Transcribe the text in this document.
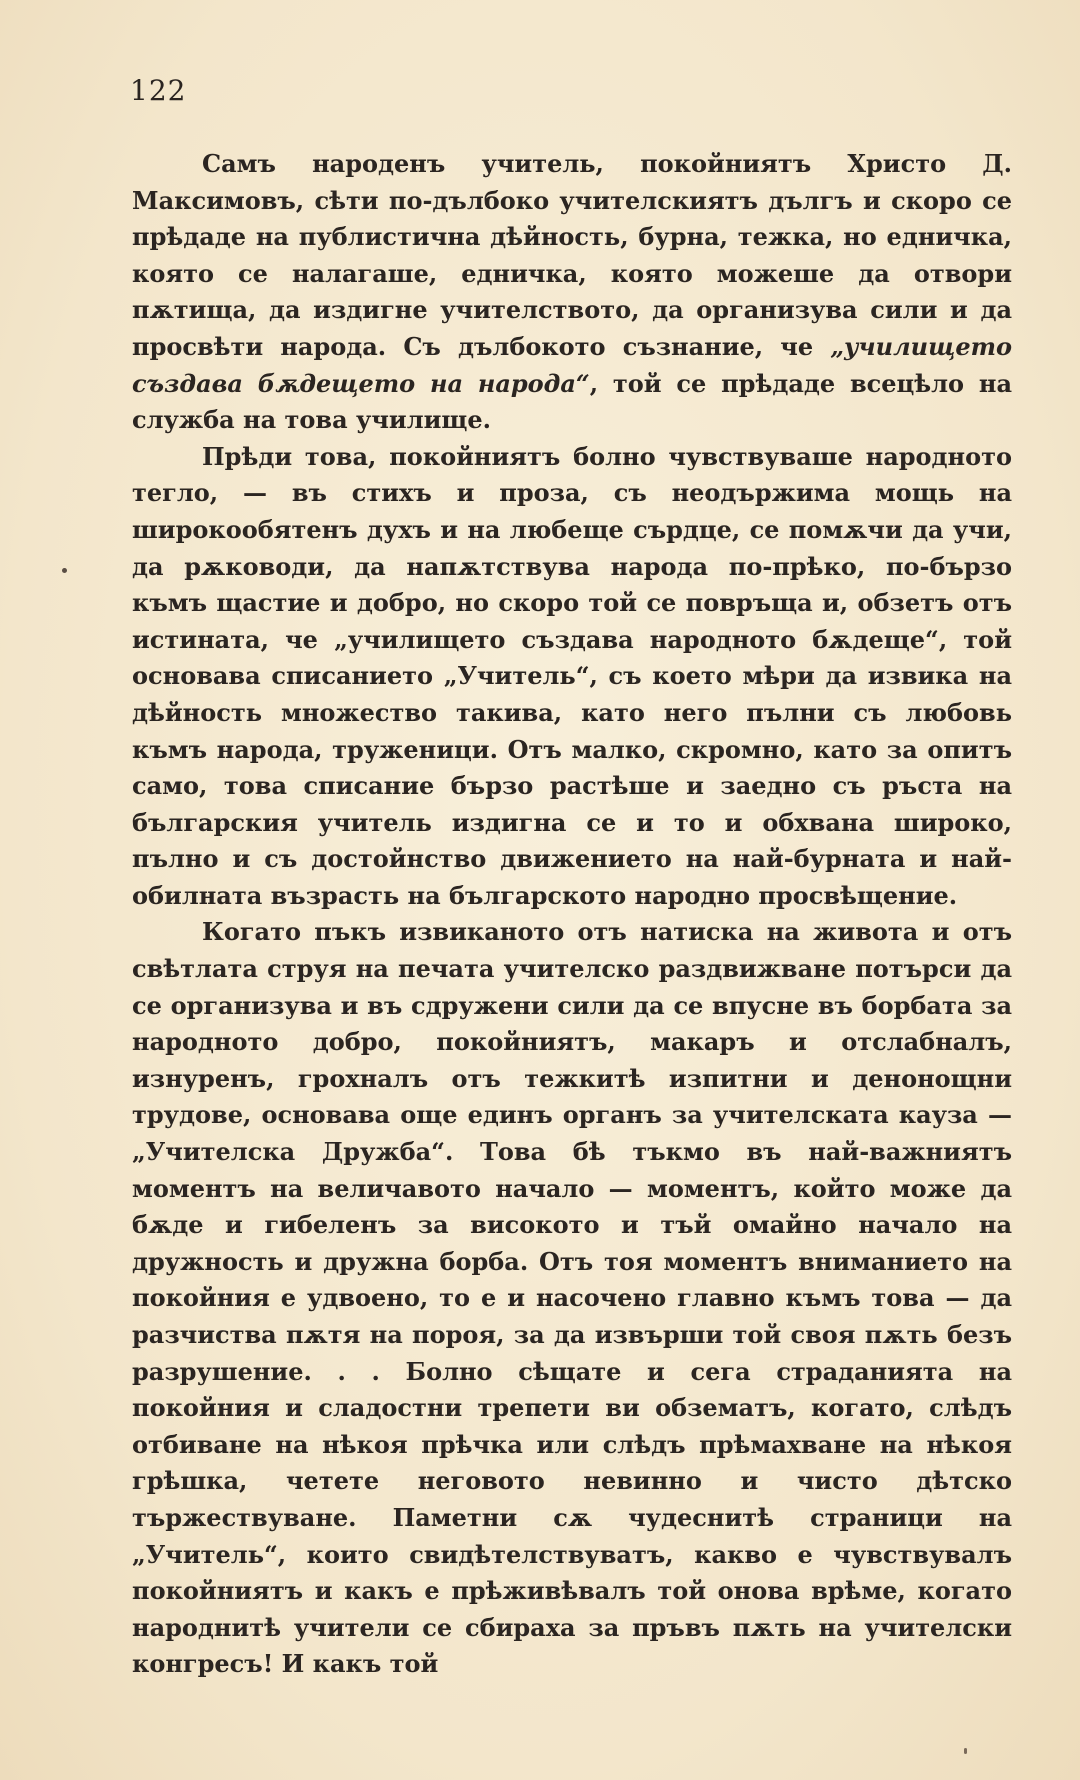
122

Самъ народенъ учитель, покойниятъ Христо Д. Максимовъ, сѣти по-дълбоко учителскиятъ дългъ и скоро се прѣдаде на публистична дѣйность, бурна, тежка, но едничка, която се налагаше, едничка, която можеше да отвори пѫтища, да издигне учителството, да организува сили и да просвѣти народа. Съ дълбокото съзнание, че „училището създава бѫдещето на народа“, той се прѣдаде всецѣло на служба на това училище.

Прѣди това, покойниятъ болно чувствуваше народното тегло, — въ стихъ и проза, съ неодържима мощь на широкообятенъ духъ и на любеще сърдце, се помѫчи да учи, да рѫководи, да напѫтствува народа по-прѣко, по-бързо къмъ щастие и добро, но скоро той се повръща и, обзетъ отъ истината, че „училището създава народното бѫдеще“, той основава списанието „Учитель“, съ което мѣри да извика на дѣйность множество такива, като него пълни съ любовь къмъ народа, труженици. Отъ малко, скромно, като за опитъ само, това списание бързо растѣше и заедно съ ръста на българския учитель издигна се и то и обхвана широко, пълно и съ достойнство движението на най-бурната и най-обилната възрасть на българското народно просвѣщение.

Когато пъкъ извиканото отъ натиска на живота и отъ свѣтлата струя на печата учителско раздвижване потърси да се организува и въ сдружени сили да се впусне въ борбата за народното добро, покойниятъ, макаръ и отслабналъ, изнуренъ, грохналъ отъ тежкитѣ изпитни и денонощни трудове, основава още единъ органъ за учителската кауза — „Учителска Дружба“. Това бѣ тъкмо въ най-важниятъ моментъ на величавото начало — моментъ, който може да бѫде и гибеленъ за високото и тъй омайно начало на дружность и дружна борба. Отъ тоя моментъ вниманието на покойния е удвоено, то е и насочено главно къмъ това — да разчиства пѫтя на пороя, за да извърши той своя пѫть безъ разрушение. . . Болно сѣщате и сега страданията на покойния и сладостни трепети ви обзематъ, когато, слѣдъ отбиване на нѣкоя прѣчка или слѣдъ прѣмахване на нѣкоя грѣшка, четете неговото невинно и чисто дѣтско тържествуване. Паметни сѫ чудеснитѣ страници на „Учитель“, които свидѣтелствуватъ, какво е чувствувалъ покойниятъ и какъ е прѣживѣвалъ той онова врѣме, когато народнитѣ учители се сбираха за пръвъ пѫть на учителски конгресъ! И какъ той
